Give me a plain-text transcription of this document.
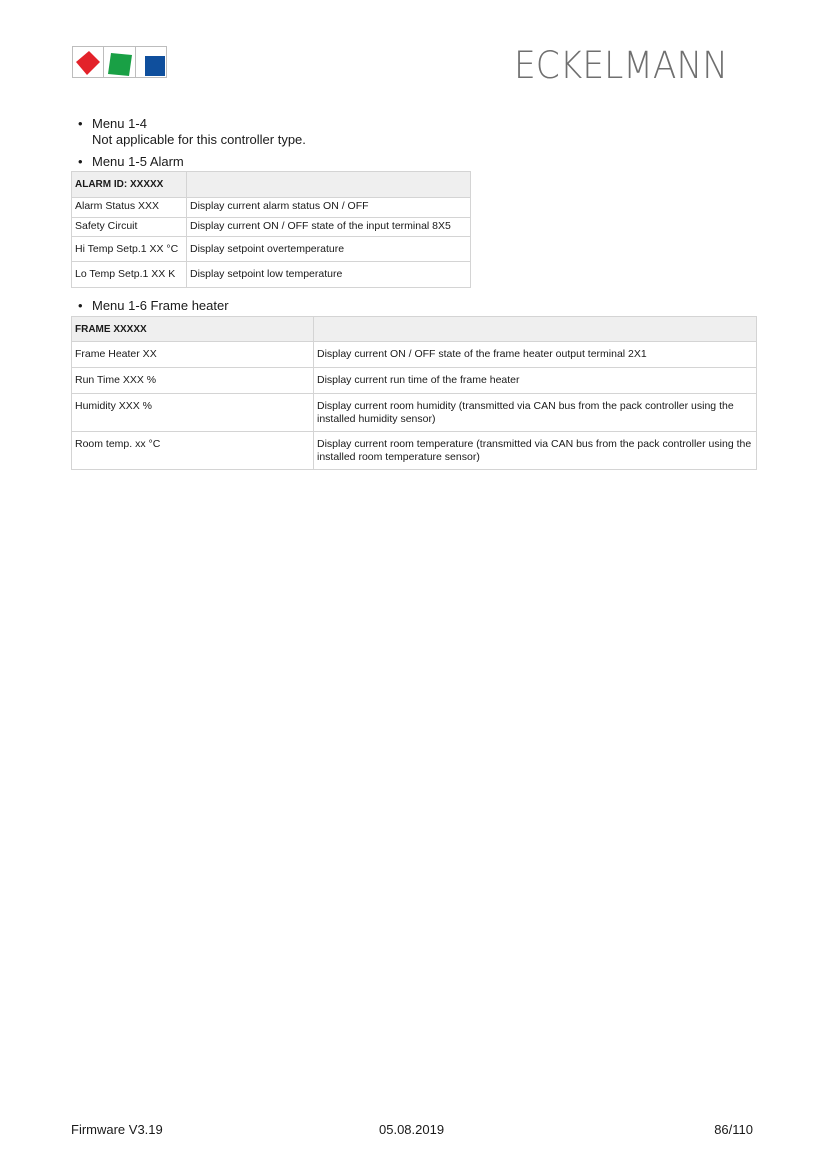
ECKELMANN
• Menu 1-4
Not applicable for this controller type.
• Menu 1-5 Alarm
ALARM ID: XXXXX	
Alarm Status XXX	Display current alarm status ON / OFF
Safety Circuit	Display current ON / OFF state of the input terminal 8X5
Hi Temp Setp.1 XX °C	Display setpoint overtemperature
Lo Temp Setp.1 XX K	Display setpoint low temperature
• Menu 1-6 Frame heater
FRAME XXXXX	
Frame Heater XX	Display current ON / OFF state of the frame heater output terminal 2X1
Run Time XXX %	Display current run time of the frame heater
Humidity XXX %	Display current room humidity (transmitted via CAN bus from the pack controller using the installed humidity sensor)
Room temp. xx °C	Display current room temperature (transmitted via CAN bus from the pack controller using the installed room temperature sensor)
Firmware V3.19	05.08.2019	86/110
